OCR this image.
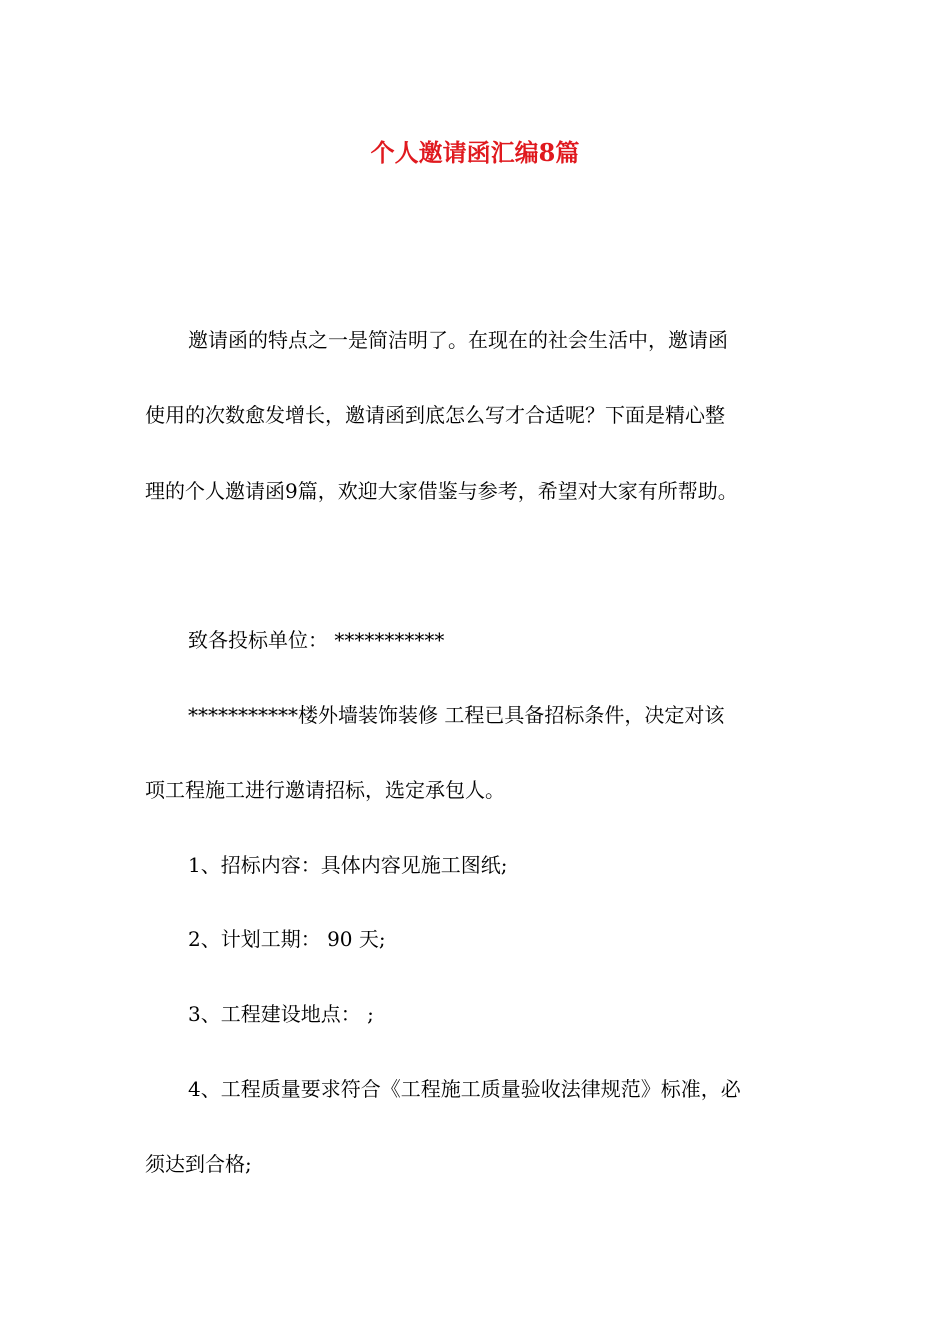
个人邀请函汇编8篇
邀请函的特点之一是简洁明了。在现在的社会生活中，邀请函
使用的次数愈发增长，邀请函到底怎么写才合适呢？下面是精心整
理的个人邀请函9篇，欢迎大家借鉴与参考，希望对大家有所帮助。
致各投标单位： ***********
***********楼外墙装饰装修 工程已具备招标条件，决定对该
项工程施工进行邀请招标，选定承包人。
1、招标内容：具体内容见施工图纸;
2、计划工期： 90 天;
3、工程建设地点： ;
4、工程质量要求符合《工程施工质量验收法律规范》标准，必
须达到合格;
